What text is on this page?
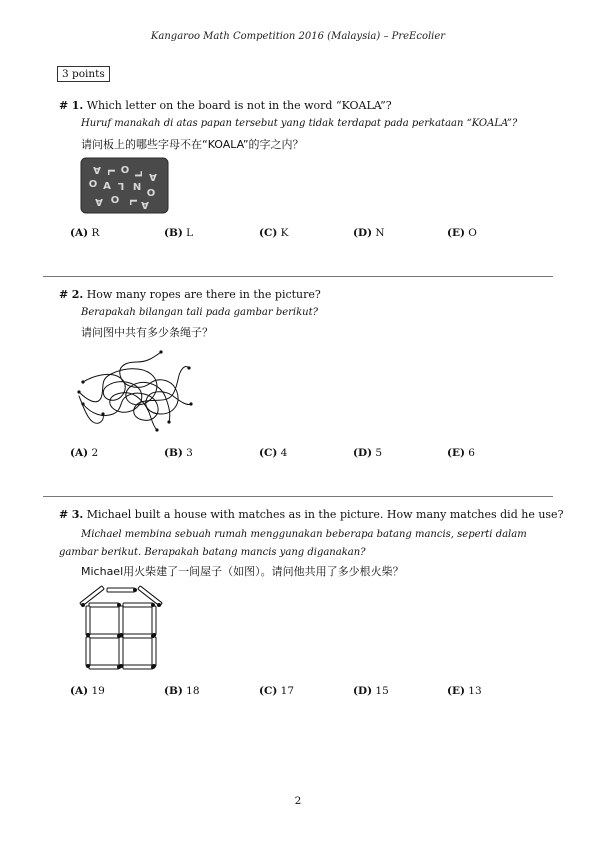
Kangaroo Math Competition 2016 (Malaysia) – PreEcolier
3 points
# 1. Which letter on the board is not in the word “KOALA”?
Huruf manakah di atas papan tersebut yang tidak terdapat pada perkataan “KOALA”?
请问板上的哪些字母不在“KOALA”的字之内？
A L O L A
O A L N O
A O L A
(A) R	(B) L	(C) K	(D) N	(E) O
# 2. How many ropes are there in the picture?
Berapakah bilangan tali pada gambar berikut?
请问图中共有多少条绳子？
(A) 2	(B) 3	(C) 4	(D) 5	(E) 6
# 3. Michael built a house with matches as in the picture. How many matches did he use?
Michael membina sebuah rumah menggunakan beberapa batang mancis, seperti dalam gambar berikut. Berapakah batang mancis yang diganakan?
Michael用火柴建了一间屋子（如图）。请问他共用了多少根火柴？
(A) 19	(B) 18	(C) 17	(D) 15	(E) 13
2
